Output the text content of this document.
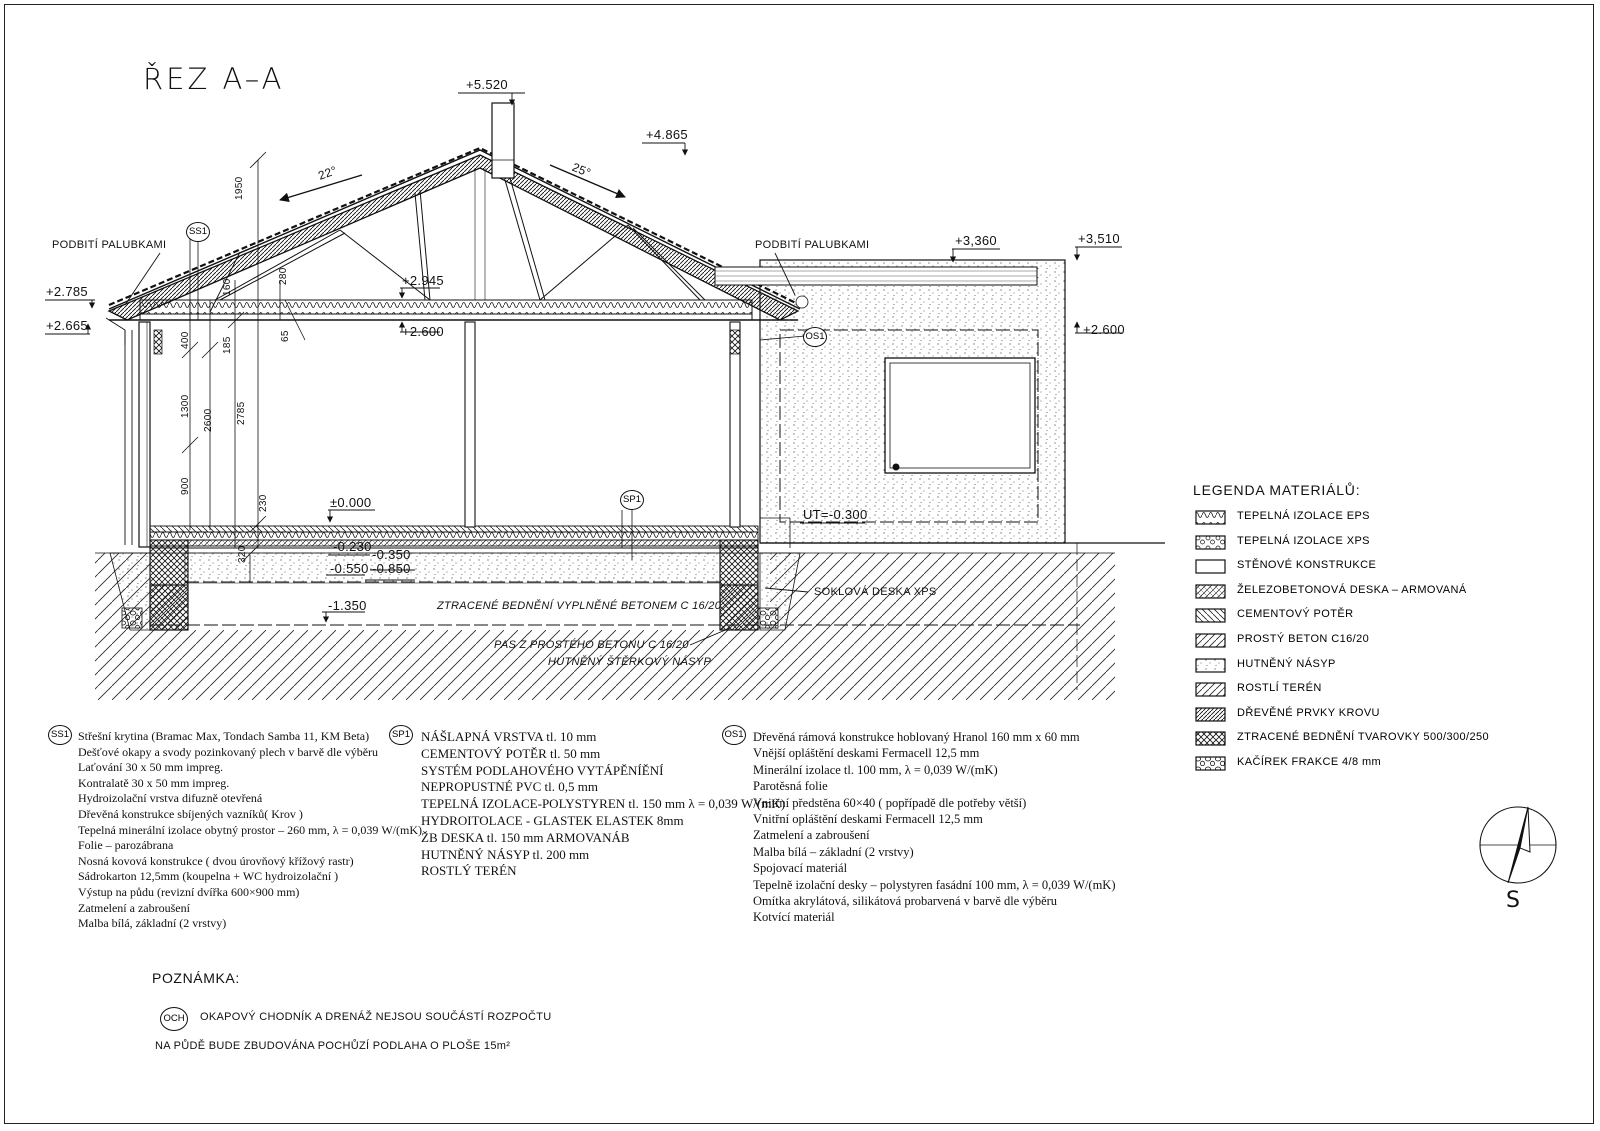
ŘEZ A–A	+5.520
+4.865
+2.945
+2.600
+2.785
+2.665
+3,360	+3,510
+2.600
±0.000
UT=-0.300
-0.230
-0.350
-0.550 -0.850
-1.350
22°	25°
1950
160
280
400	185
65
1300
2600 2785
900
230
320
PODBITÍ PALUBKAMI	PODBITÍ PALUBKAMI
ZTRACENÉ BEDNĚNÍ VYPLNĚNÉ BETONEM C 16/20
SOKLOVÁ DESKA XPS
PAS Z PROSTÉHO BETONU C 16/20
HUTNĚNÝ ŠTĚRKOVÝ NÁSYP
SS1
SP1
OS1
LEGENDA MATERIÁLŮ:
TEPELNÁ IZOLACE EPS
TEPELNÁ IZOLACE XPS
STĚNOVÉ KONSTRUKCE
ŽELEZOBETONOVÁ DESKA – ARMOVANÁ
CEMENTOVÝ POTĚR
PROSTÝ BETON C16/20
HUTNĚNÝ NÁSYP
ROSTLÍ TERÉN
DŘEVĚNÉ PRVKY KROVU
ZTRACENÉ BEDNĚNÍ TVAROVKY 500/300/250
KAČÍREK FRAKCE 4/8 mm
SS1	SP1	OS1
Střešní krytina (Bramac Max, Tondach Samba 11, KM Beta)
Dešťové okapy a svody pozinkovaný plech v barvě dle výběru
Laťování 30 x 50 mm impreg.
Kontralatě 30 x 50 mm impreg.
Hydroizolační vrstva difuzně otevřená
Dřevěná konstrukce sbíjených vazníků( Krov )
Tepelná minerální izolace obytný prostor – 260 mm, λ = 0,039 W/(mK)
Folie – parozábrana
Nosná kovová konstrukce ( dvou úrovňový křížový rastr)
Sádrokarton 12,5mm (koupelna + WC hydroizolační )
Výstup na půdu (revizní dvířka 600×900 mm)
Zatmelení a zabroušení
Malba bílá, základní (2 vrstvy)
NÁŠLAPNÁ VRSTVA tl. 10 mm
CEMENTOVÝ POTĚR tl. 50 mm
SYSTÉM PODLAHOVÉHO VYTÁPĚNÍĚNÍ
NEPROPUSTNÉ PVC tl. 0,5 mm
TEPELNÁ IZOLACE-POLYSTYREN tl. 150 mm λ = 0,039 W/(mK)
HYDROITOLACE - GLASTEK ELASTEK 8mm
ŽB DESKA tl. 150 mm ARMOVANÁB
HUTNĚNÝ NÁSYP tl. 200 mm
ROSTLÝ TERÉN
Dřevěná rámová konstrukce hoblovaný Hranol 160 mm x 60 mm
Vnější opláštění deskami Fermacell 12,5 mm
Minerální izolace tl. 100 mm, λ = 0,039 W/(mK)
Parotěsná folie
Vnitřní předstěna 60×40 ( popřípadě dle potřeby větší)
Vnitřní opláštění deskami Fermacell 12,5 mm
Zatmelení a zabroušení
Malba bílá – základní (2 vrstvy)
Spojovací materiál
Tepelně izolační desky – polystyren fasádní 100 mm, λ = 0,039 W/(mK)
Omítka akrylátová, silikátová probarvená v barvě dle výběru
Kotvící materiál
POZNÁMKA:
OCH	OKAPOVÝ CHODNÍK A DRENÁŽ NEJSOU SOUČÁSTÍ ROZPOČTU
NA PŮDĚ BUDE ZBUDOVÁNA POCHŮZÍ PODLAHA O PLOŠE 15m²
S
